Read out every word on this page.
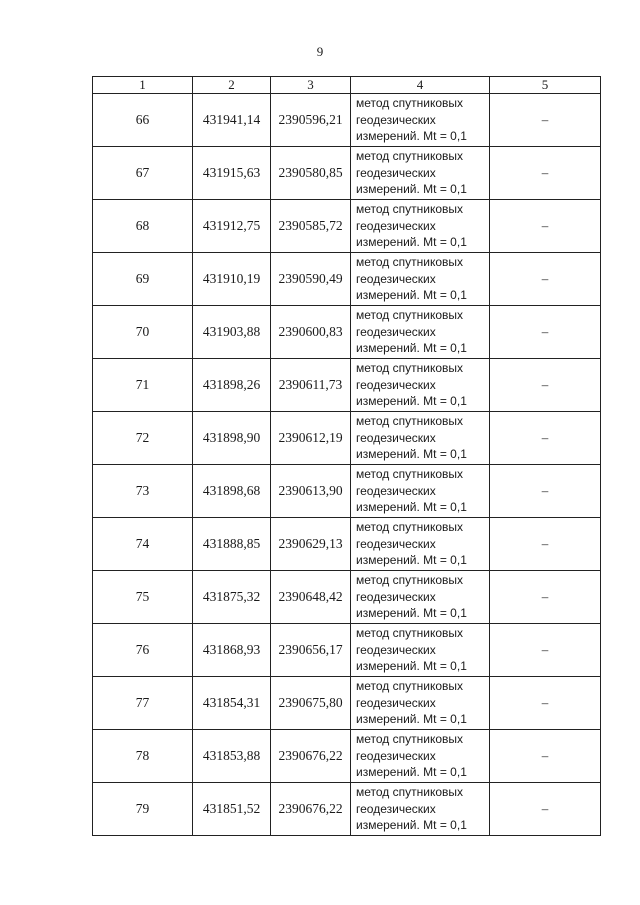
9
1	2	3	4	5
66	431941,14	2390596,21	метод спутниковых
геодезических
измерений. Mt = 0,1	–
67	431915,63	2390580,85	метод спутниковых
геодезических
измерений. Mt = 0,1	–
68	431912,75	2390585,72	метод спутниковых
геодезических
измерений. Mt = 0,1	–
69	431910,19	2390590,49	метод спутниковых
геодезических
измерений. Mt = 0,1	–
70	431903,88	2390600,83	метод спутниковых
геодезических
измерений. Mt = 0,1	–
71	431898,26	2390611,73	метод спутниковых
геодезических
измерений. Mt = 0,1	–
72	431898,90	2390612,19	метод спутниковых
геодезических
измерений. Mt = 0,1	–
73	431898,68	2390613,90	метод спутниковых
геодезических
измерений. Mt = 0,1	–
74	431888,85	2390629,13	метод спутниковых
геодезических
измерений. Mt = 0,1	–
75	431875,32	2390648,42	метод спутниковых
геодезических
измерений. Mt = 0,1	–
76	431868,93	2390656,17	метод спутниковых
геодезических
измерений. Mt = 0,1	–
77	431854,31	2390675,80	метод спутниковых
геодезических
измерений. Mt = 0,1	–
78	431853,88	2390676,22	метод спутниковых
геодезических
измерений. Mt = 0,1	–
79	431851,52	2390676,22	метод спутниковых
геодезических
измерений. Mt = 0,1	–
